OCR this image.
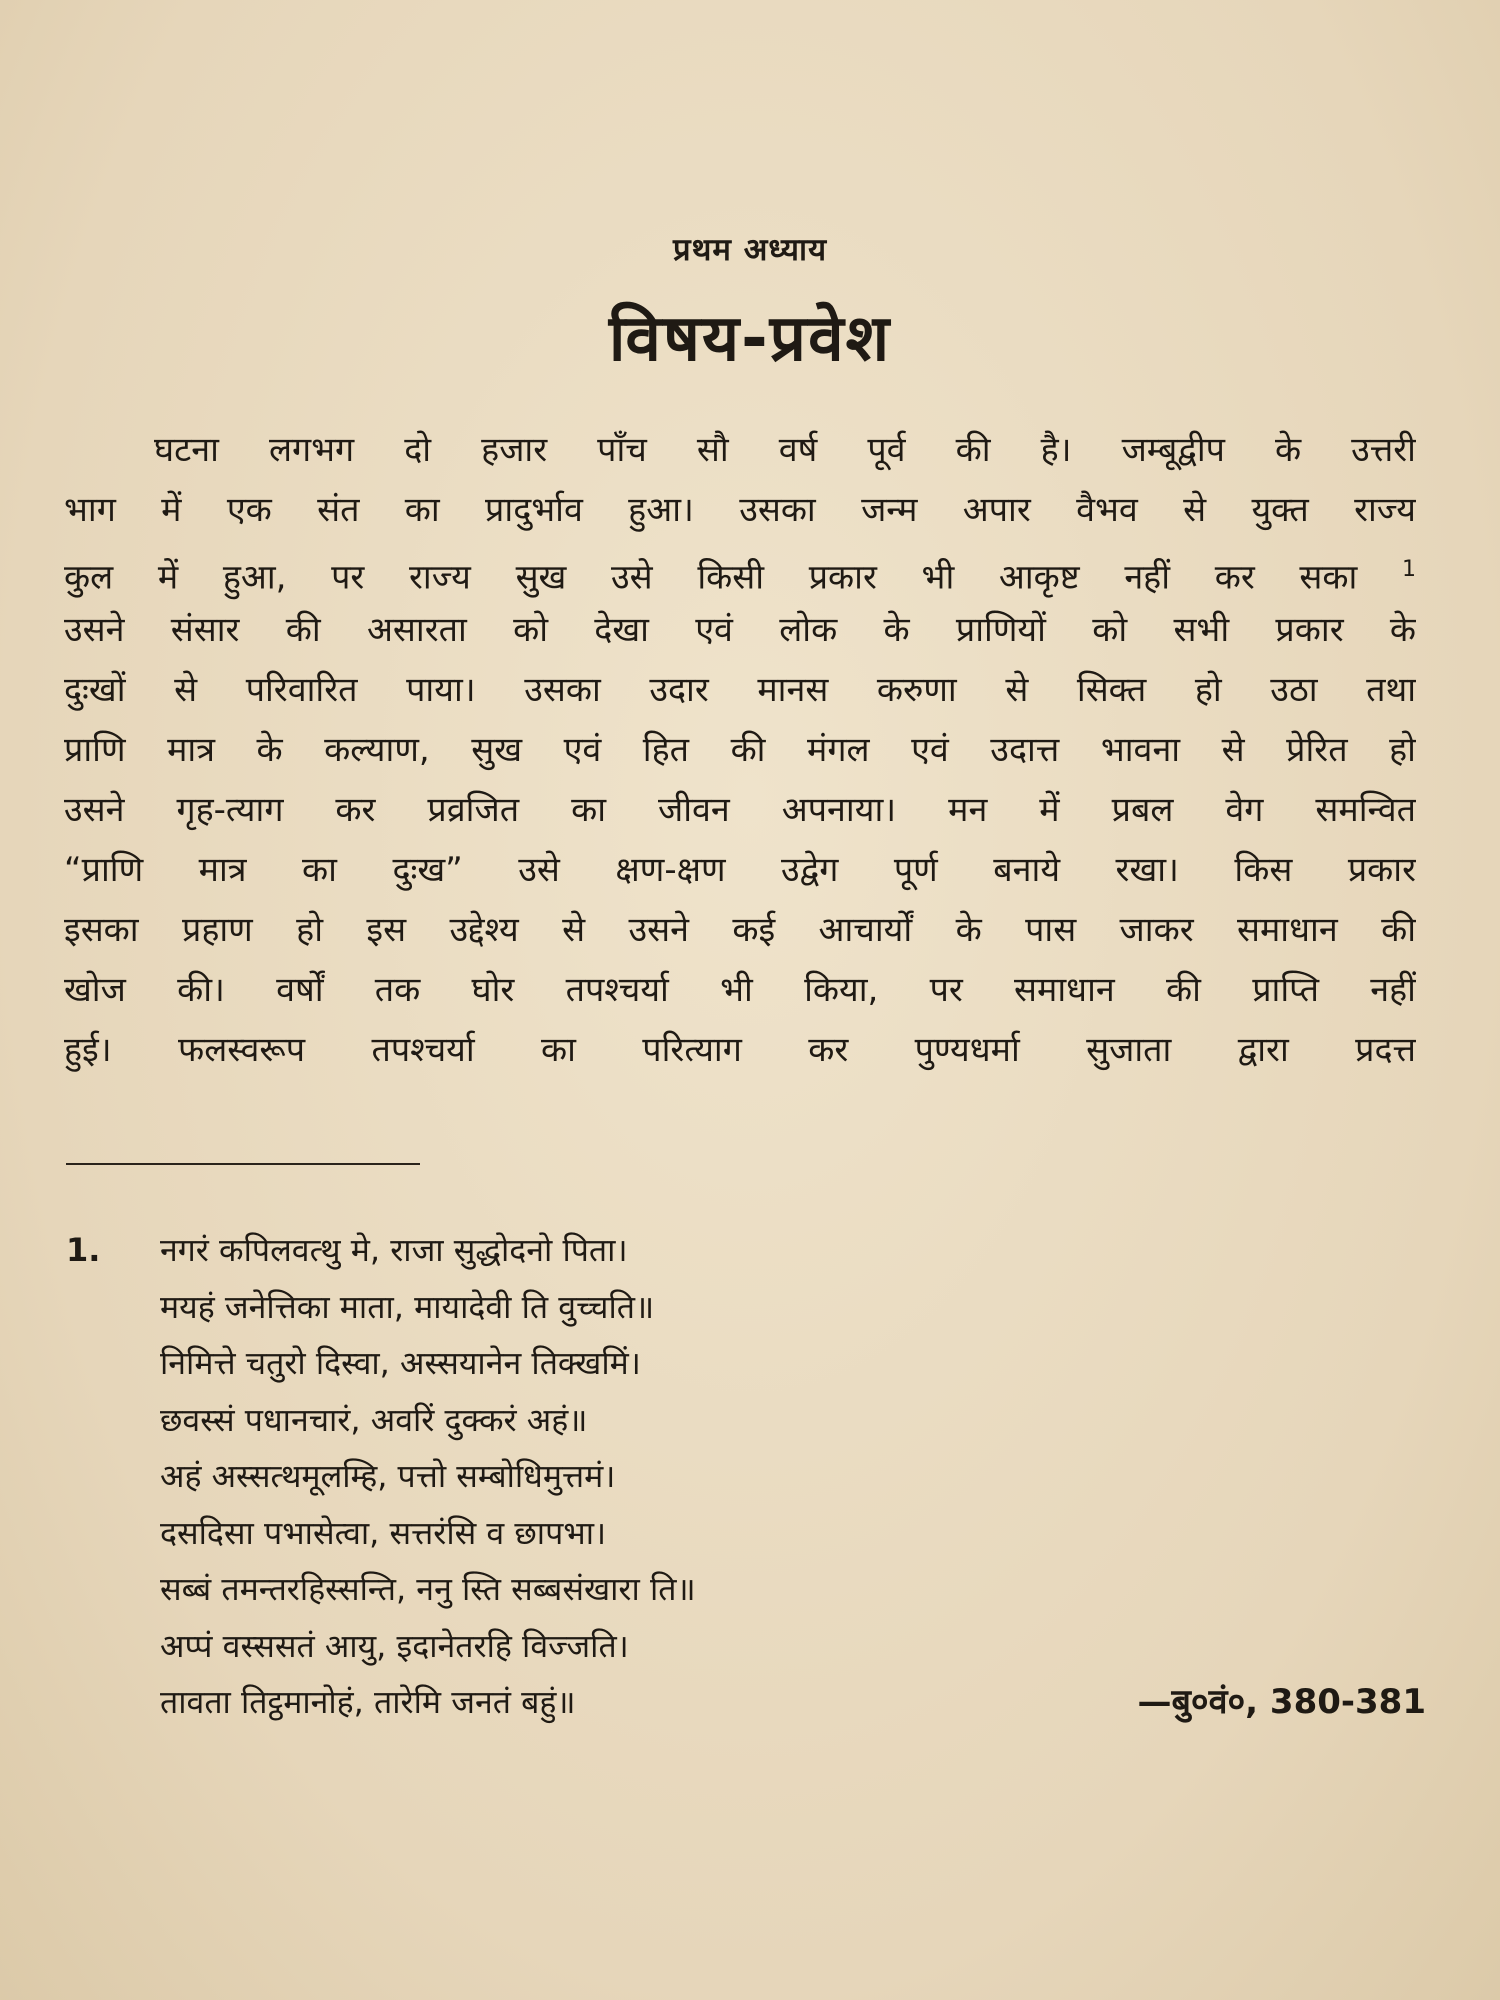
प्रथम अध्याय
विषय-प्रवेश
घटना लगभग दो हजार पाँच सौ वर्ष पूर्व की है। जम्बूद्वीप के उत्तरी
भाग में एक संत का प्रादुर्भाव हुआ। उसका जन्म अपार वैभव से युक्त राज्य
कुल में हुआ, पर राज्य सुख उसे किसी प्रकार भी आकृष्ट नहीं कर सका $^1$
उसने संसार की असारता को देखा एवं लोक के प्राणियों को सभी प्रकार के
दुःखों से परिवारित पाया। उसका उदार मानस करुणा से सिक्त हो उठा तथा
प्राणि मात्र के कल्याण, सुख एवं हित की मंगल एवं उदात्त भावना से प्रेरित हो
उसने गृह-त्याग कर प्रव्रजित का जीवन अपनाया। मन में प्रबल वेग समन्वित
“प्राणि मात्र का दुःख” उसे क्षण-क्षण उद्वेग पूर्ण बनाये रखा। किस प्रकार
इसका प्रहाण हो इस उद्देश्य से उसने कई आचार्यों के पास जाकर समाधान की
खोज की। वर्षों तक घोर तपश्चर्या भी किया, पर समाधान की प्राप्ति नहीं
हुई। फलस्वरूप तपश्चर्या का परित्याग कर पुण्यधर्मा सुजाता द्वारा प्रदत्त
1. नगरं कपिलवत्थु मे, राजा सुद्धोदनो पिता।
मयहं जनेत्तिका माता, मायादेवी ति वुच्चति॥
निमित्ते चतुरो दिस्वा, अस्सयानेन तिक्खमिं।
छवस्सं पधानचारं, अवरिं दुक्करं अहं॥
अहं अस्सत्थमूलम्हि, पत्तो सम्बोधिमुत्तमं।
दसदिसा पभासेत्वा, सत्तरंसि व छापभा।
सब्बं तमन्तरहिस्सन्ति, ननु स्ति सब्बसंखारा ति॥
अप्पं वस्ससतं आयु, इदानेतरहि विज्जति।
तावता तिट्ठमानोहं, तारेमि जनतं बहुं॥	—बु०वं०, 380-381
